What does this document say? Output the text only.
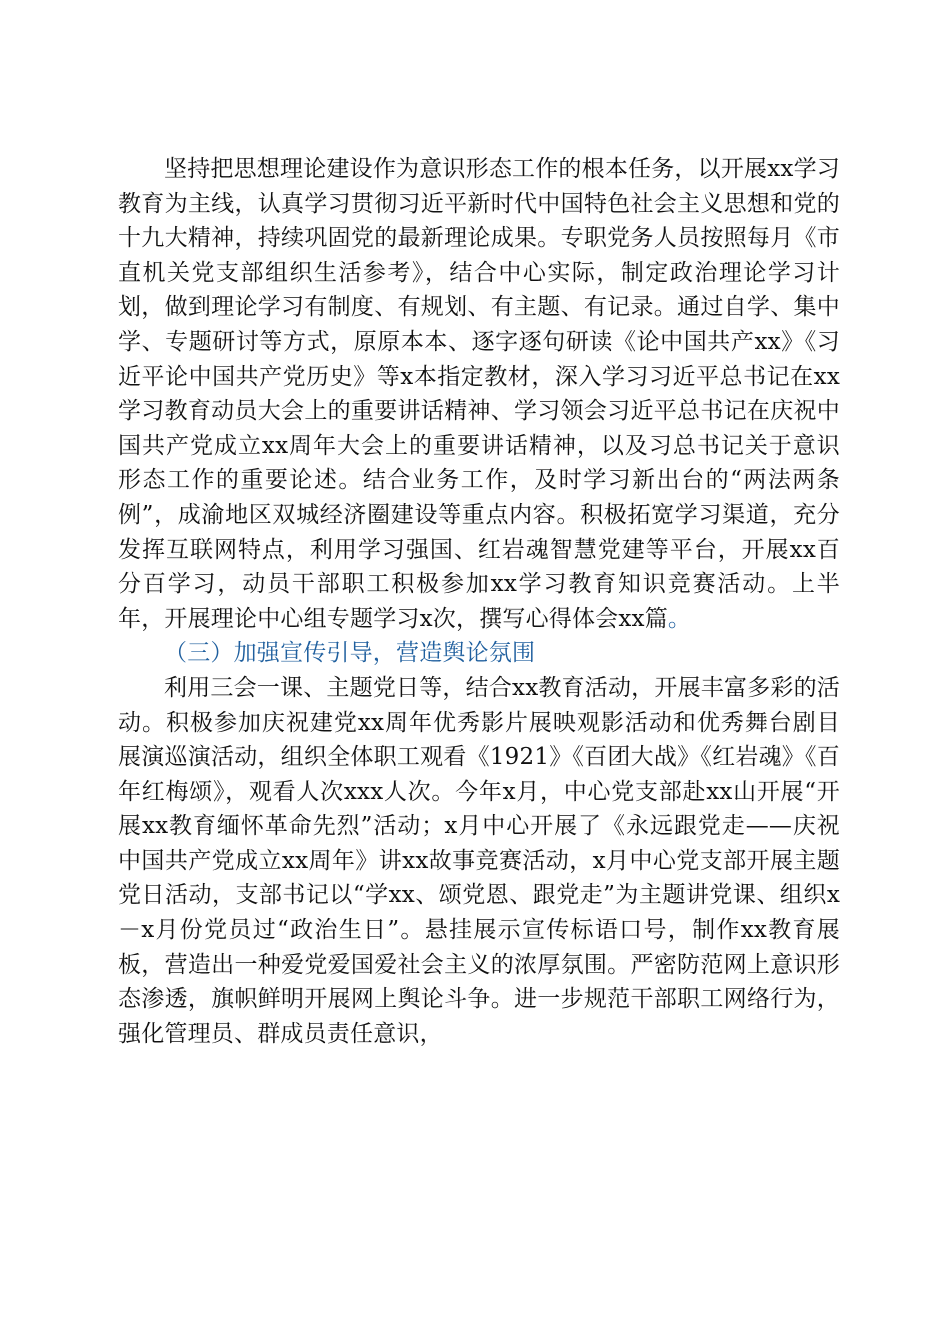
坚持把思想理论建设作为意识形态工作的根本任务，以开展xx学习教育为主线，认真学习贯彻习近平新时代中国特色社会主义思想和党的十九大精神，持续巩固党的最新理论成果。专职党务人员按照每月《市直机关党支部组织生活参考》，结合中心实际，制定政治理论学习计划，做到理论学习有制度、有规划、有主题、有记录。通过自学、集中学、专题研讨等方式，原原本本、逐字逐句研读《论中国共产xx》《习近平论中国共产党历史》等x本指定教材，深入学习习近平总书记在xx学习教育动员大会上的重要讲话精神、学习领会习近平总书记在庆祝中国共产党成立xx周年大会上的重要讲话精神，以及习总书记关于意识形态工作的重要论述。结合业务工作，及时学习新出台的“两法两条例”，成渝地区双城经济圈建设等重点内容。积极拓宽学习渠道，充分发挥互联网特点，利用学习强国、红岩魂智慧党建等平台，开展xx百分百学习，动员干部职工积极参加xx学习教育知识竞赛活动。上半年，开展理论中心组专题学习x次，撰写心得体会xx篇。

（三）加强宣传引导，营造舆论氛围

利用三会一课、主题党日等，结合xx教育活动，开展丰富多彩的活动。积极参加庆祝建党xx周年优秀影片展映观影活动和优秀舞台剧目展演巡演活动，组织全体职工观看《1921》《百团大战》《红岩魂》《百年红梅颂》，观看人次xxx人次。今年x月，中心党支部赴xx山开展“开展xx教育缅怀革命先烈”活动；x月中心开展了《永远跟党走——庆祝中国共产党成立xx周年》讲xx故事竞赛活动，x月中心党支部开展主题党日活动，支部书记以“学xx、颂党恩、跟党走”为主题讲党课、组织x－x月份党员过“政治生日”。悬挂展示宣传标语口号，制作xx教育展板，营造出一种爱党爱国爱社会主义的浓厚氛围。严密防范网上意识形态渗透，旗帜鲜明开展网上舆论斗争。进一步规范干部职工网络行为，强化管理员、群成员责任意识，
